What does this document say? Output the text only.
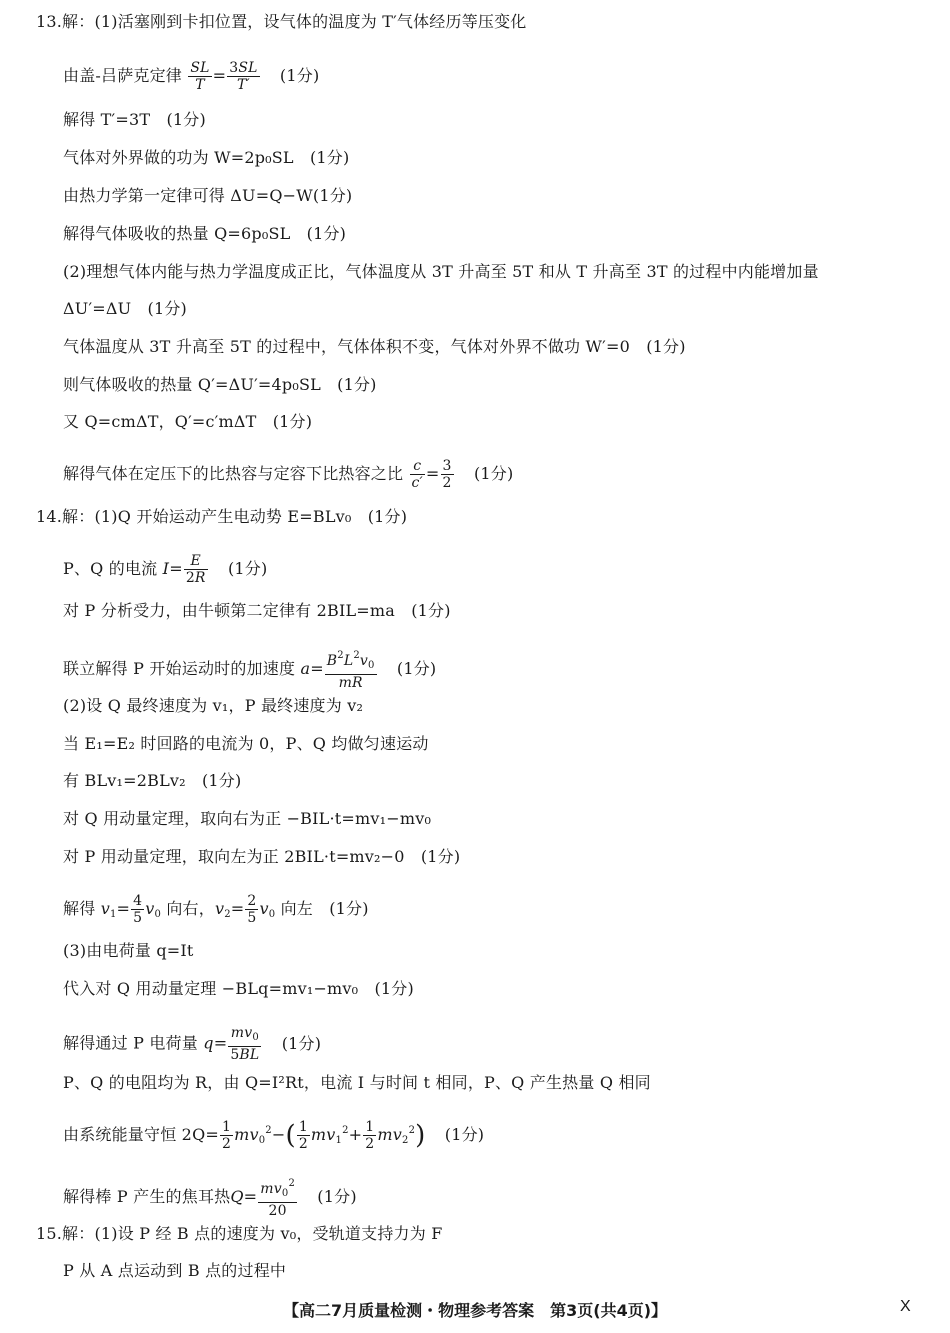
13.解：(1)活塞刚到卡扣位置，设气体的温度为 T′气体经历等压变化
由盖-吕萨克定律 $\frac{SL}{T} = \frac{3SL}{T'} (1$分)
解得 T′=3T　(1分)
气体对外界做的功为 W=2p₀SL　(1分)
由热力学第一定律可得 ΔU=Q−W(1分)
解得气体吸收的热量 Q=6p₀SL　(1分)
(2)理想气体内能与热力学温度成正比，气体温度从 3T 升高至 5T 和从 T 升高至 3T 的过程中内能增加量
ΔU′=ΔU　(1分)
气体温度从 3T 升高至 5T 的过程中，气体体积不变，气体对外界不做功 W′=0　(1分)
则气体吸收的热量 Q′=ΔU′=4p₀SL　(1分)
又 Q=cmΔT，Q′=c′mΔT　(1分)
解得气体在定压下的比热容与定容下比热容之比 $\frac{c}{c'} = \frac{3}{2} (1$分)
14.解：(1)Q 开始运动产生电动势 E=BLv₀　(1分)
P、Q 的电流 $I= \frac{E}{2R} (1$分)
对 P 分析受力，由牛顿第二定律有 2BIL=ma　(1分)
联立解得 P 开始运动时的加速度 $a= \frac{B^2L^2v_0}{mR} (1$分)
(2)设 Q 最终速度为 v₁，P 最终速度为 v₂
当 E₁=E₂ 时回路的电流为 0，P、Q 均做匀速运动
有 BLv₁=2BLv₂　(1分)
对 Q 用动量定理，取向右为正 −BIL·t=mv₁−mv₀
对 P 用动量定理，取向左为正 2BIL·t=mv₂−0　(1分)
解得 $v_1= \frac{4}{5} v_0$ 向右，$v_2= \frac{2}{5} v_0$ 向左　(1分)
(3)由电荷量 q=It
代入对 Q 用动量定理 −BLq=mv₁−mv₀　(1分)
解得通过 P 电荷量 $q= \frac{mv_0}{5BL} (1$分)
P、Q 的电阻均为 R，由 Q=I²Rt，电流 I 与时间 t 相同，P、Q 产生热量 Q 相同
由系统能量守恒 $2Q= \frac{1}{2} mv_0^2-( \frac{1}{2} mv_1^2+ \frac{1}{2} mv_2^2)$ (1分)
解得棒 P 产生的焦耳热$Q= \frac{mv_0^2}{20} (1$分)
15.解：(1)设 P 经 B 点的速度为 v₀，受轨道支持力为 F
P 从 A 点运动到 B 点的过程中
【高二7月质量检测・物理参考答案　第3页(共4页)】	X
